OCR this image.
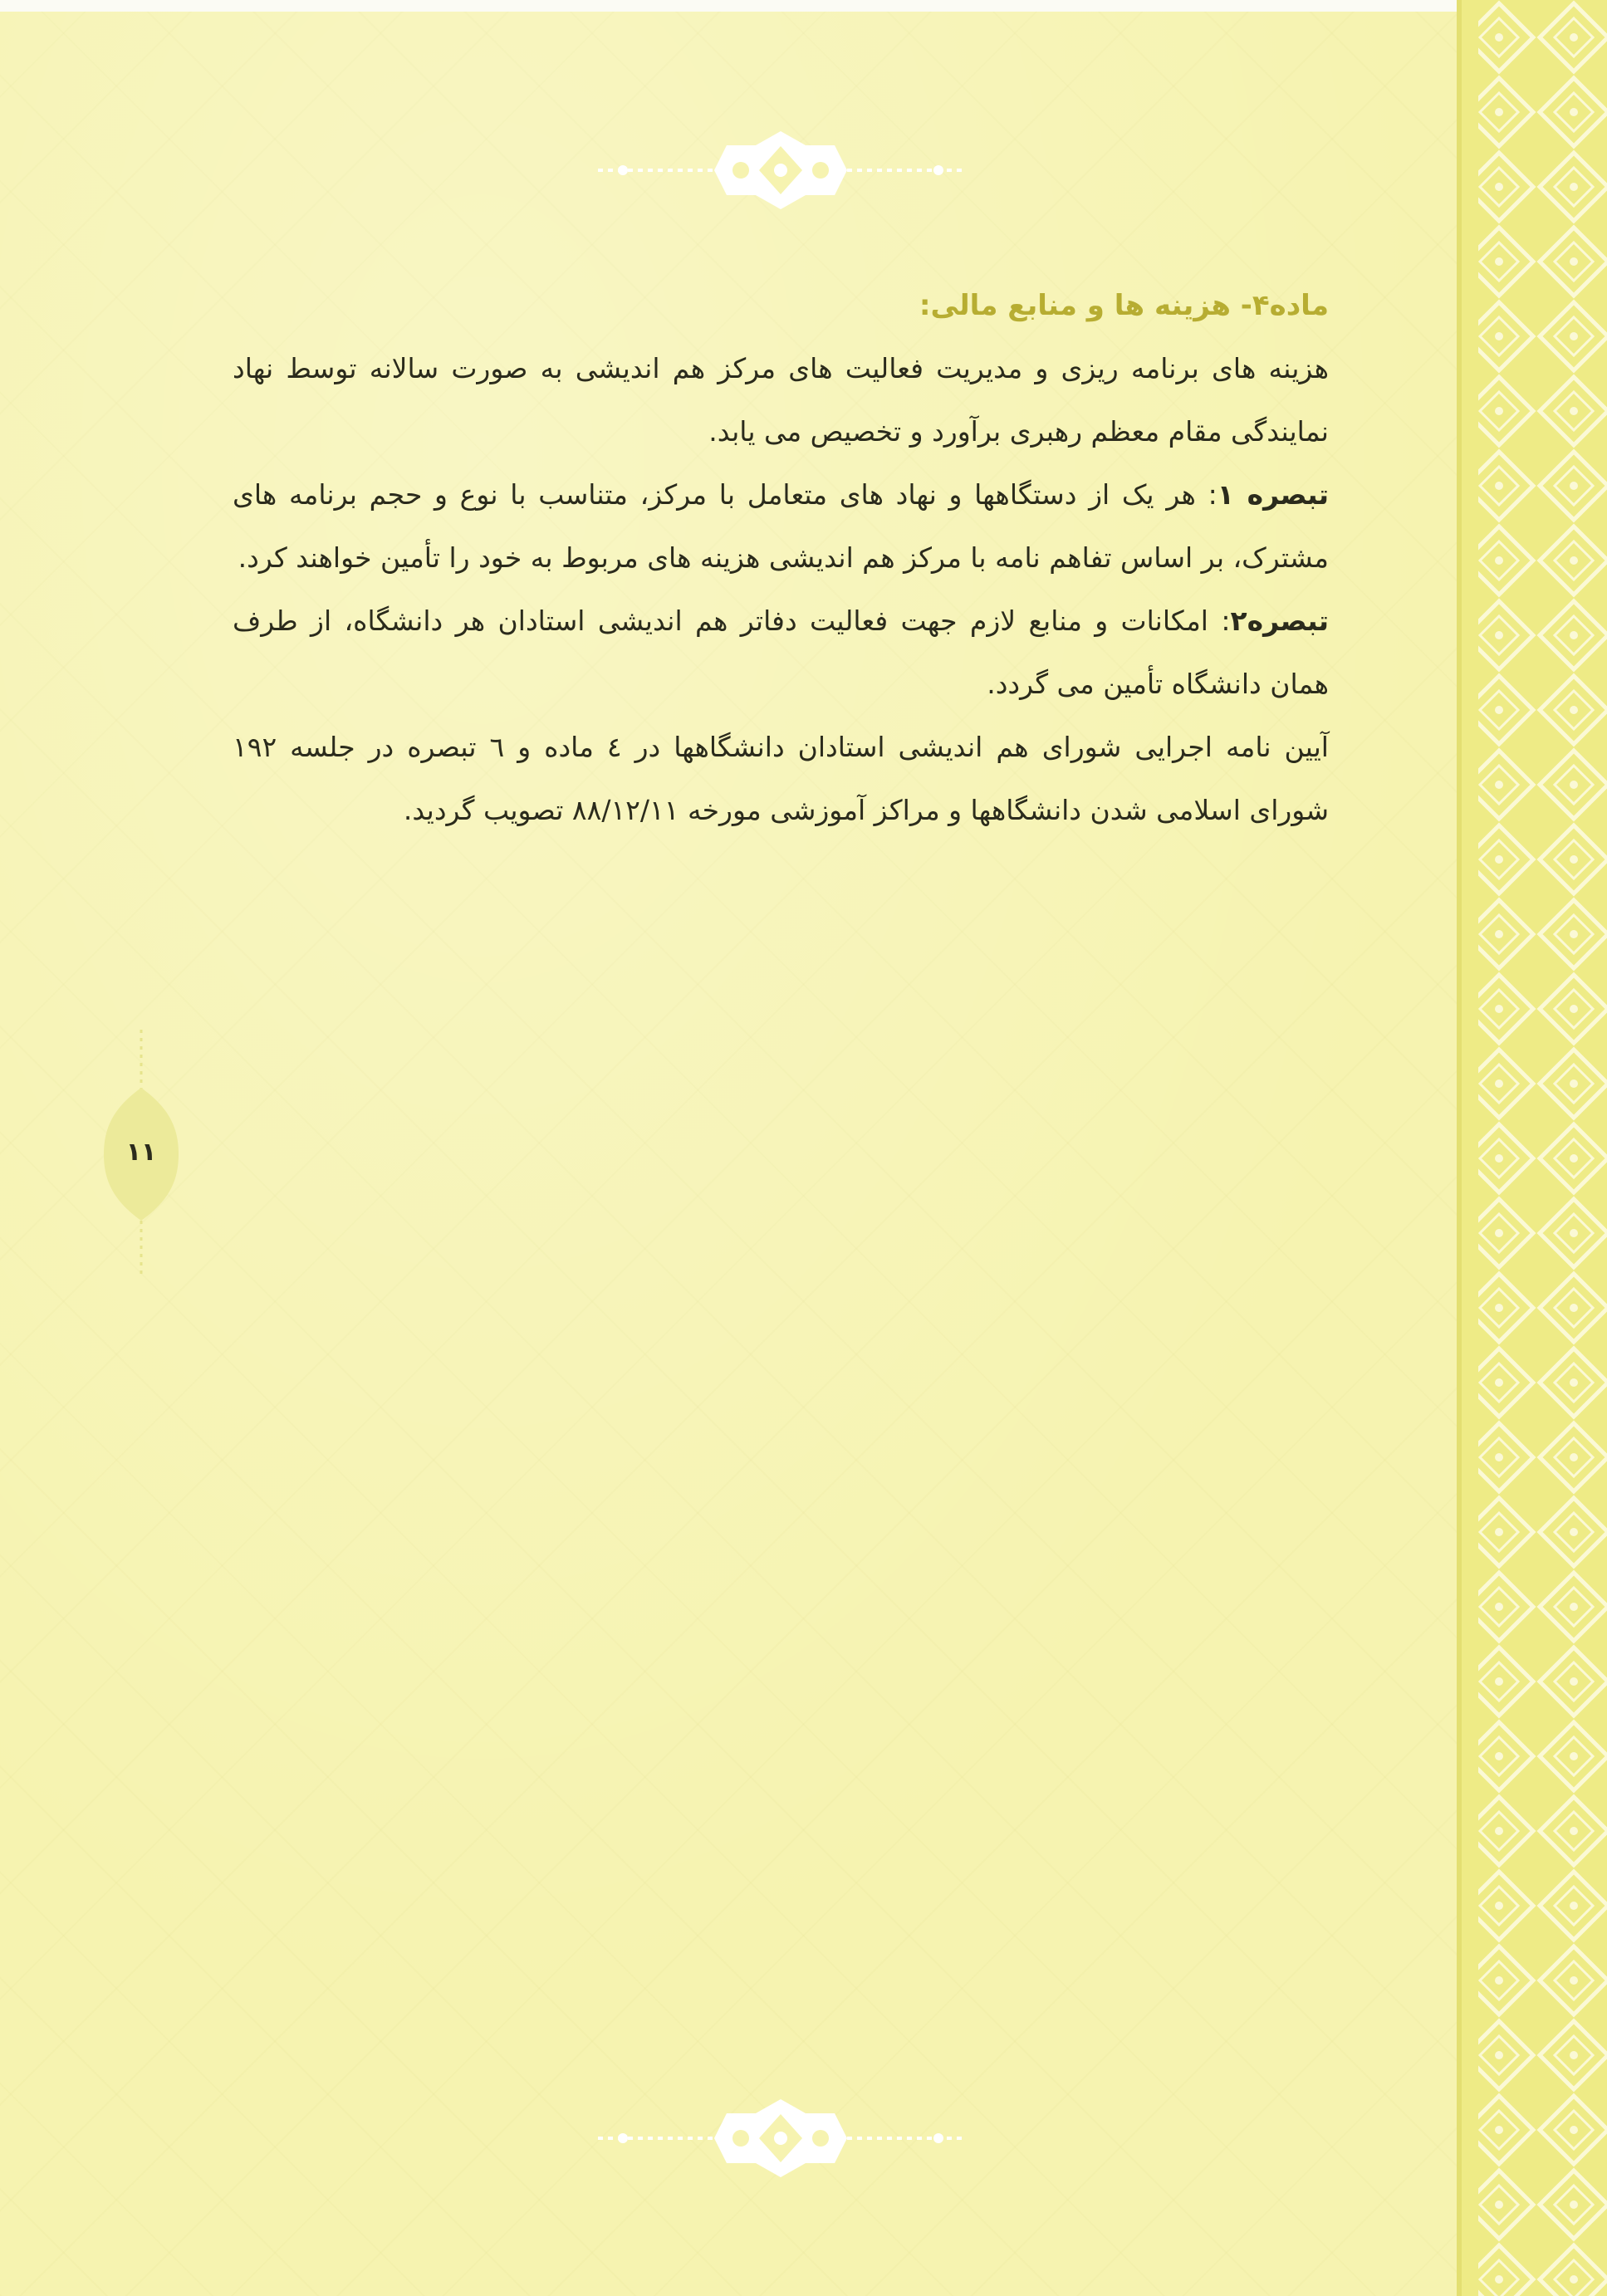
ماده۴- هزینه ها و منابع مالی:

هزینه های برنامه ریزی و مدیریت فعالیت های مرکز هم اندیشی به صورت سالانه توسط نهاد نمایندگی مقام معظم رهبری برآورد و تخصیص می یابد.

تبصره ۱: هر یک از دستگاهها و نهاد های متعامل با مرکز، متناسب با نوع و حجم برنامه های مشترک، بر اساس تفاهم نامه با مرکز هم اندیشی هزینه های مربوط به خود را تأمین خواهند کرد.

تبصره۲: امکانات و منابع لازم جهت فعالیت دفاتر هم اندیشی استادان هر دانشگاه، از طرف همان دانشگاه تأمین می گردد.

آیین نامه اجرایی شورای هم اندیشی استادان دانشگاهها در ٤ ماده و ٦ تبصره در جلسه ۱۹۲ شورای اسلامی شدن دانشگاهها و مراکز آموزشی مورخه ۸۸/۱۲/۱۱ تصویب گردید.

۱۱
